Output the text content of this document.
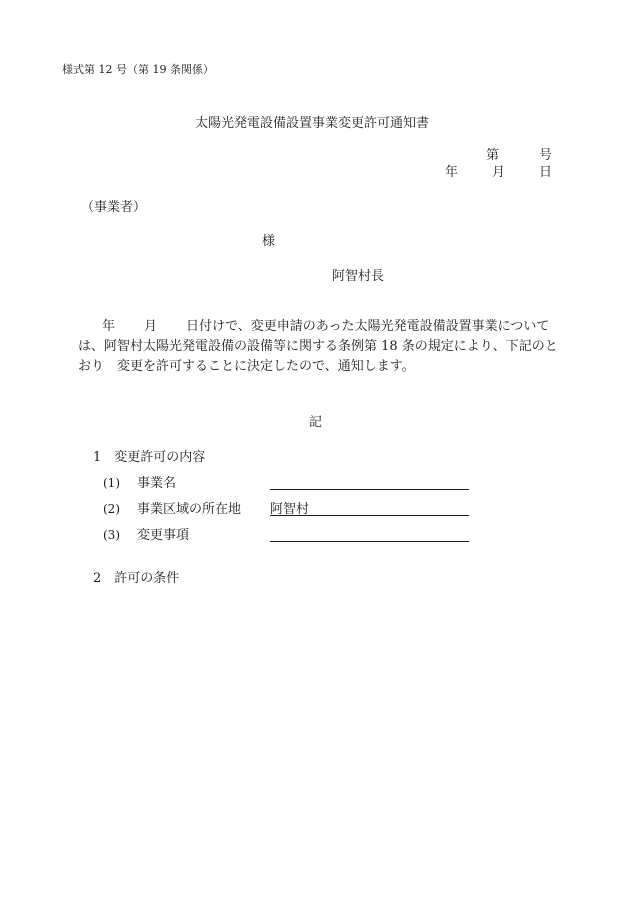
様式第 12 号（第 19 条関係）
太陽光発電設備設置事業変更許可通知書
第	号
年	月	日
（事業者）
様
阿智村長
年 月 日付けで、変更申請のあった太陽光発電設備設置事業について
は、阿智村太陽光発電設備の設備等に関する条例第 18 条の規定により、下記のと
おり　変更を許可することに決定したので、通知します。
記
1　変更許可の内容
(1) 事業名
(2) 事業区域の所在地 阿智村
(3) 変更事項
2　許可の条件
